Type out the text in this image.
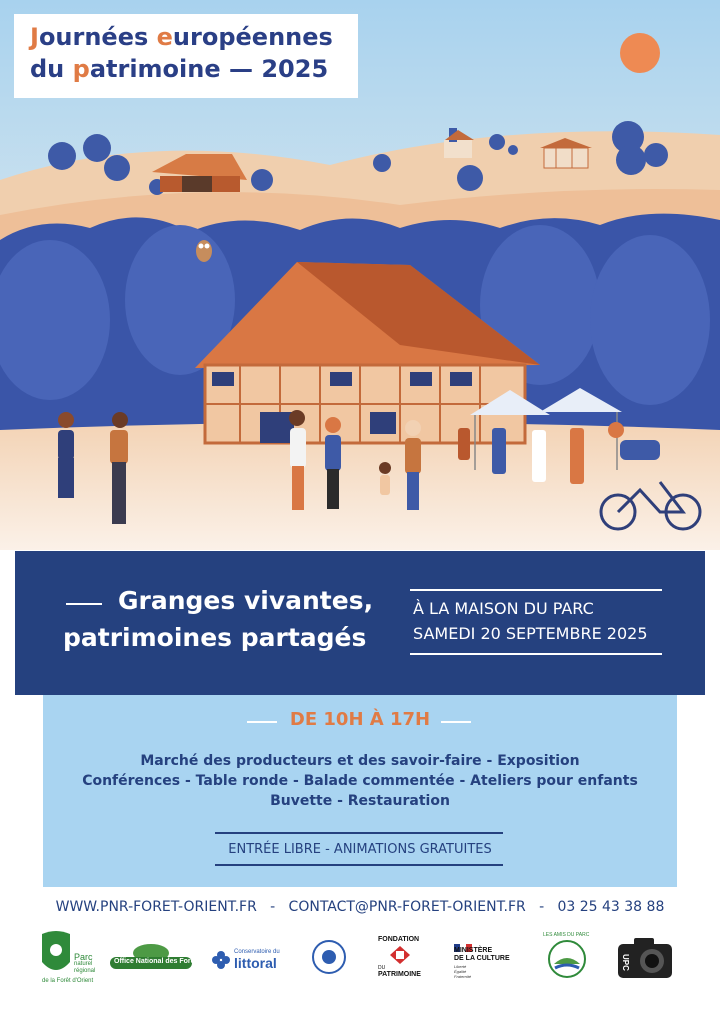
Journées européennes
du patrimoine — 2025
Granges vivantes,
patrimoines partagés
À LA MAISON DU PARC
SAMEDI 20 SEPTEMBRE 2025
DE 10H À 17H
Marché des producteurs et des savoir-faire - Exposition
Conférences - Table ronde - Balade commentée - Ateliers pour enfants
Buvette - Restauration
ENTRÉE LIBRE - ANIMATIONS GRATUITES
WWW.PNR-FORET-ORIENT.FR   -   CONTACT@PNR-FORET-ORIENT.FR   -   03 25 43 38 88
Parc
naturel
régional
de la Forêt d'Orient
Office National des Forêts
Conservatoire du
littoral
FONDATION
DU
PATRIMOINE
MINISTÈRE
DE LA CULTURE
Liberté
Égalité
Fraternité
LES AMIS DU PARC
UPC
